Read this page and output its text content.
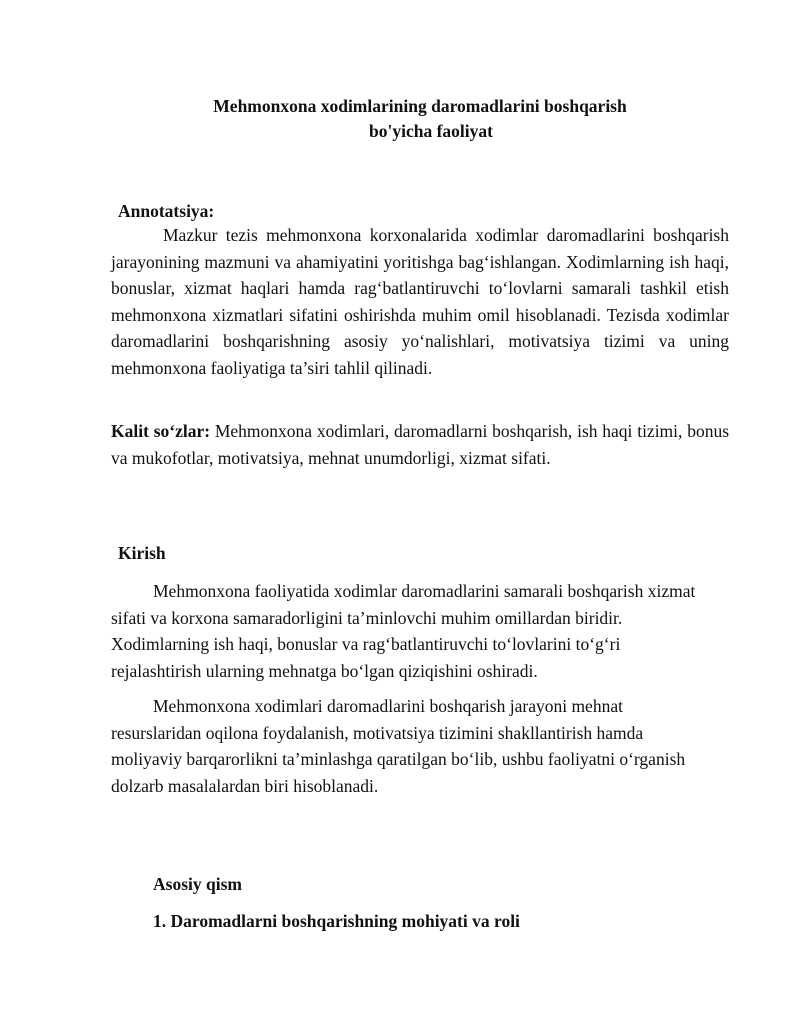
Mehmonxona xodimlarining daromadlarini boshqarish
bo'yicha faoliyat

Annotatsiya:

Mazkur tezis mehmonxona korxonalarida xodimlar daromadlarini boshqarish jarayonining mazmuni va ahamiyatini yoritishga bag‘ishlangan. Xodimlarning ish haqi, bonuslar, xizmat haqlari hamda rag‘batlantiruvchi to‘lovlarni samarali tashkil etish mehmonxona xizmatlari sifatini oshirishda muhim omil hisoblanadi. Tezisda xodimlar daromadlarini boshqarishning asosiy yo‘nalishlari, motivatsiya tizimi va uning mehmonxona faoliyatiga ta’siri tahlil qilinadi.

Kalit so‘zlar: Mehmonxona xodimlari, daromadlarni boshqarish, ish haqi tizimi, bonus va mukofotlar, motivatsiya, mehnat unumdorligi, xizmat sifati.

Kirish

Mehmonxona faoliyatida xodimlar daromadlarini samarali boshqarish xizmat sifati va korxona samaradorligini ta’minlovchi muhim omillardan biridir. Xodimlarning ish haqi, bonuslar va rag‘batlantiruvchi to‘lovlarini to‘g‘ri rejalashtirish ularning mehnatga bo‘lgan qiziqishini oshiradi.

Mehmonxona xodimlari daromadlarini boshqarish jarayoni mehnat resurslaridan oqilona foydalanish, motivatsiya tizimini shakllantirish hamda moliyaviy barqarorlikni ta’minlashga qaratilgan bo‘lib, ushbu faoliyatni o‘rganish dolzarb masalalardan biri hisoblanadi.

Asosiy qism

1. Daromadlarni boshqarishning mohiyati va roli
